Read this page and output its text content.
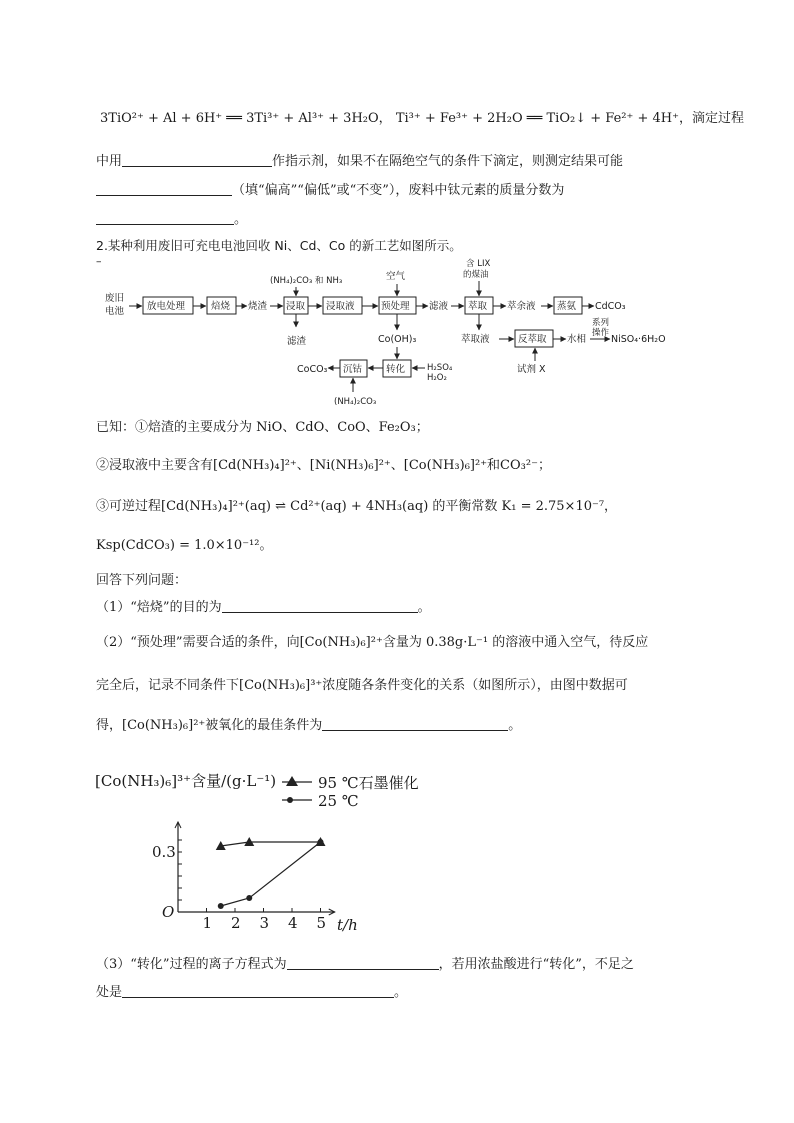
3TiO²⁺ + Al + 6H⁺ ══ 3Ti³⁺ + Al³⁺ + 3H₂O， Ti³⁺ + Fe³⁺ + 2H₂O ══ TiO₂↓ + Fe²⁺ + 4H⁺，滴定过程
中用	作指示剂，如果不在隔绝空气的条件下滴定，则测定结果可能
（填“偏高”“偏低”或“不变”），废料中钛元素的质量分数为
。
2.某种利用废旧可充电电池回收 Ni、Cd、Co 的新工艺如图所示。
–
废旧
电池 放电处理	焙烧 烧渣 浸取
(NH₄)₂CO₃ 和 NH₃
滤渣
浸取液	预处理
空气
Co(OH)₃
滤液 萃取
含 LIX
的煤油
萃余液 蒸氨 CdCO₃
萃取液	反萃取
试剂 X
水相
系列
操作
NiSO₄·6H₂O
转化	H₂SO₄
H₂O₂
沉钴
(NH₄)₂CO₃
CoCO₃
已知：①焙渣的主要成分为 NiO、CdO、CoO、Fe₂O₃；
②浸取液中主要含有[Cd(NH₃)₄]²⁺、[Ni(NH₃)₆]²⁺、[Co(NH₃)₆]²⁺和CO₃²⁻；
③可逆过程[Cd(NH₃)₄]²⁺(aq) ⇌ Cd²⁺(aq) + 4NH₃(aq) 的平衡常数 K₁ = 2.75×10⁻⁷，
Ksp(CdCO₃) = 1.0×10⁻¹²。
回答下列问题：
（1）“焙烧”的目的为	。
（2）“预处理”需要合适的条件，向[Co(NH₃)₆]²⁺含量为 0.38g·L⁻¹ 的溶液中通入空气，待反应
完全后，记录不同条件下[Co(NH₃)₆]³⁺浓度随各条件变化的关系（如图所示），由图中数据可
得，[Co(NH₃)₆]²⁺被氧化的最佳条件为	。
[Co(NH₃)₆]³⁺含量/(g·L⁻¹)
O
t/h
1 2 3 4 5
0.3
95 ℃石墨催化
25 ℃
（3）“转化”过程的离子方程式为	，若用浓盐酸进行“转化”，不足之
处是	。
